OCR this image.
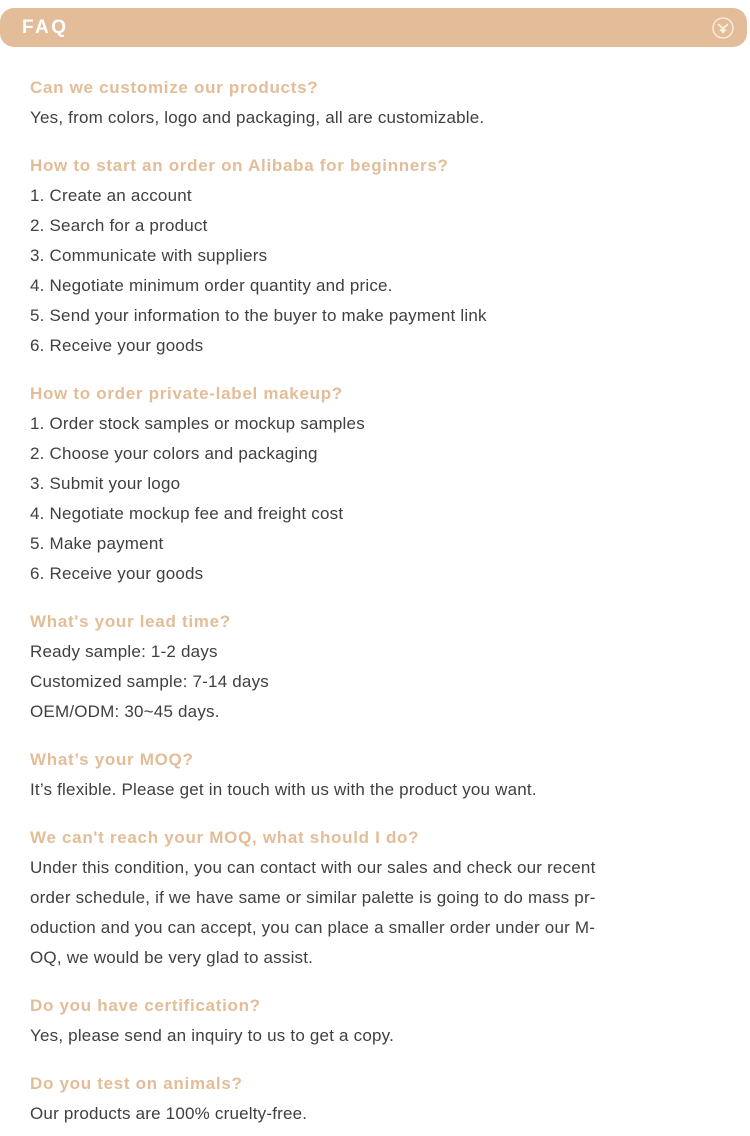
FAQ
Can we customize our products?

Yes, from colors, logo and packaging, all are customizable.

How to start an order on Alibaba for beginners?

1. Create an account

2. Search for a product

3. Communicate with suppliers

4. Negotiate minimum order quantity and price.

5. Send your information to the buyer to make payment link

6. Receive your goods

How to order private-label makeup?

1. Order stock samples or mockup samples

2. Choose your colors and packaging

3. Submit your logo

4. Negotiate mockup fee and freight cost

5. Make payment

6. Receive your goods

What's your lead time?

Ready sample: 1-2 days

Customized sample: 7-14 days

OEM/ODM: 30~45 days.

What’s your MOQ?

It’s flexible. Please get in touch with us with the product you want.

We can't reach your MOQ, what should I do?

Under this condition, you can contact with our sales and check our recent

order schedule, if we have same or similar palette is going to do mass pr-

oduction and you can accept, you can place a smaller order under our M-

OQ, we would be very glad to assist.

Do you have certification?

Yes, please send an inquiry to us to get a copy.

Do you test on animals?

Our products are 100% cruelty-free.
